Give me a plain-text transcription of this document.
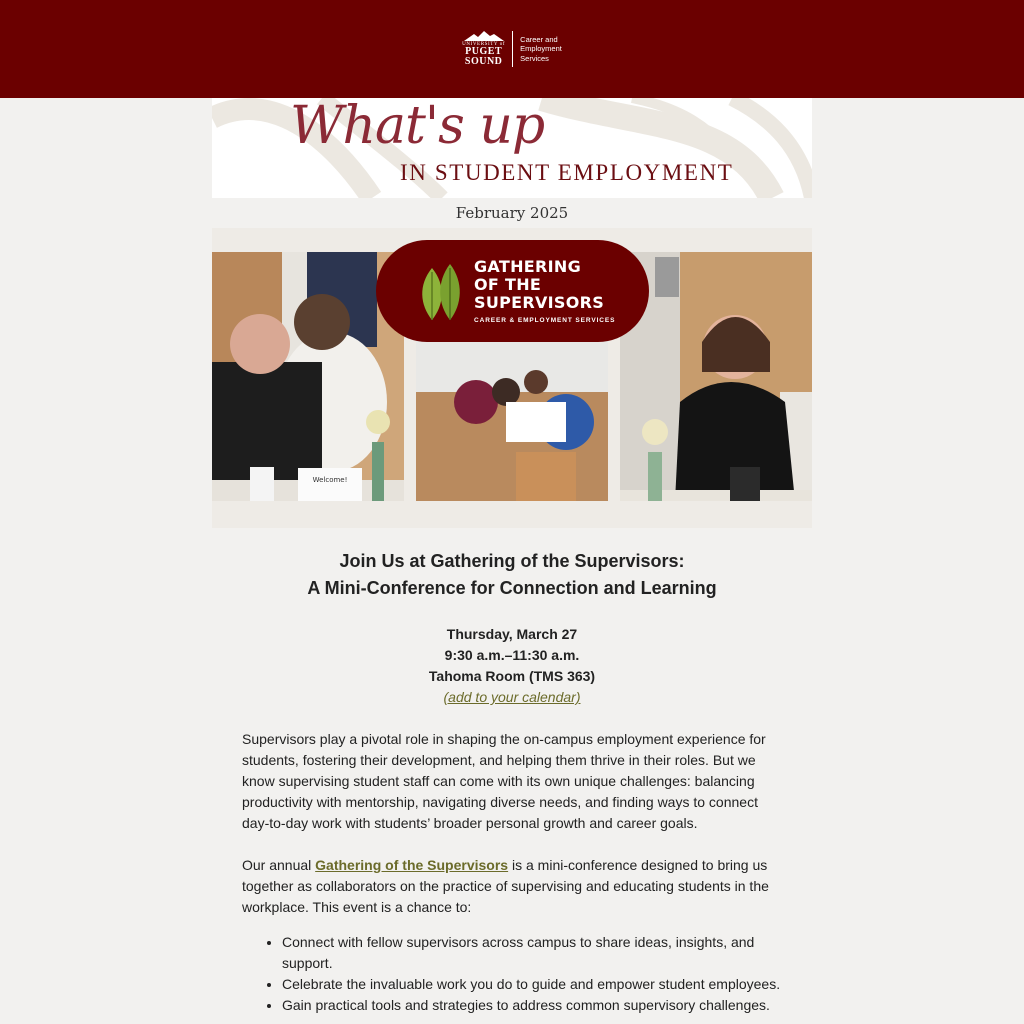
UNIVERSITY of
PUGET
SOUND
Career and
Employment
Services
What's up
IN STUDENT EMPLOYMENT
February 2025
Welcome!
GATHERING
OF THE
SUPERVISORS
CAREER & EMPLOYMENT SERVICES
Join Us at Gathering of the Supervisors:
A Mini-Conference for Connection and Learning
Thursday, March 27
9:30 a.m.–11:30 a.m.
Tahoma Room (TMS 363)
(add to your calendar)

Supervisors play a pivotal role in shaping the on-campus employment experience for students, fostering their development, and helping them thrive in their roles. But we know supervising student staff can come with its own unique challenges: balancing productivity with mentorship, navigating diverse needs, and finding ways to connect day-to-day work with students’ broader personal growth and career goals.

Our annual Gathering of the Supervisors is a mini-conference designed to bring us together as collaborators on the practice of supervising and educating students in the workplace. This event is a chance to:

• Connect with fellow supervisors across campus to share ideas, insights, and support.
• Celebrate the invaluable work you do to guide and empower student employees.
• Gain practical tools and strategies to address common supervisory challenges.
